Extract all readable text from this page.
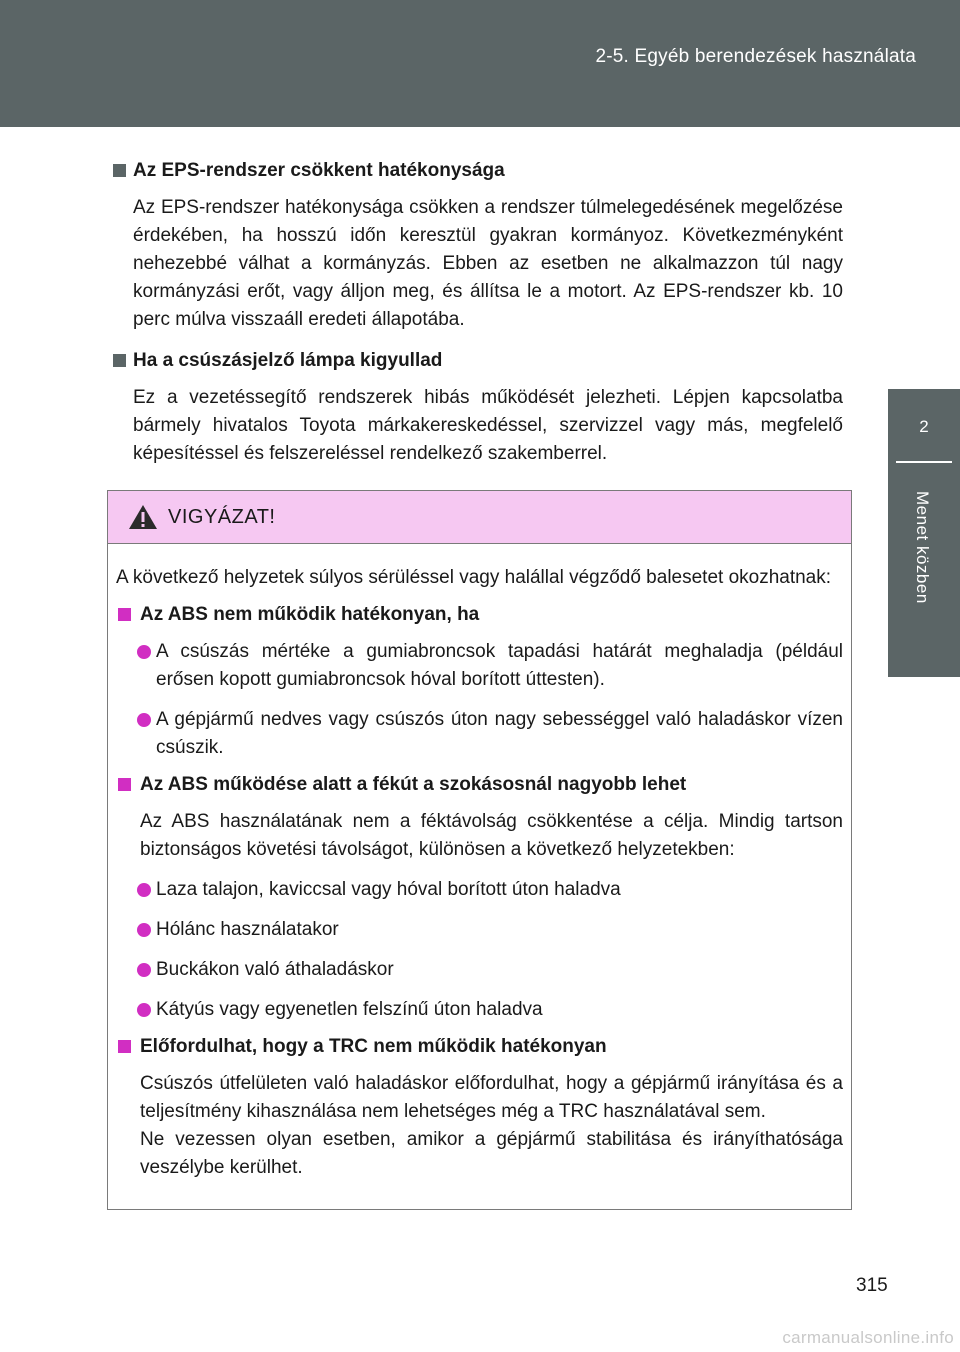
2-5. Egyéb berendezések használata
2
Menet közben
Az EPS-rendszer csökkent hatékonysága

Az EPS-rendszer hatékonysága csökken a rendszer túlmelegedésének megelőzése érdekében, ha hosszú időn keresztül gyakran kormányoz. Következményként nehezebbé válhat a kormányzás. Ebben az esetben ne alkalmazzon túl nagy kormányzási erőt, vagy álljon meg, és állítsa le a motort. Az EPS-rendszer kb. 10 perc múlva visszaáll eredeti állapotába.

Ha a csúszásjelző lámpa kigyullad

Ez a vezetéssegítő rendszerek hibás működését jelezheti. Lépjen kapcsolatba bármely hivatalos Toyota márkakereskedéssel, szervizzel vagy más, megfelelő képesítéssel és felszereléssel rendelkező szakemberrel.

VIGYÁZAT!

A következő helyzetek súlyos sérüléssel vagy halállal végződő balesetet okozhatnak:

Az ABS nem működik hatékonyan, ha
A csúszás mértéke a gumiabroncsok tapadási határát meghaladja (például erősen kopott gumiabroncsok hóval borított úttesten).
A gépjármű nedves vagy csúszós úton nagy sebességgel való haladáskor vízen csúszik.
Az ABS működése alatt a fékút a szokásosnál nagyobb lehet

Az ABS használatának nem a féktávolság csökkentése a célja. Mindig tartson biztonságos követési távolságot, különösen a következő helyzetekben:

Laza talajon, kaviccsal vagy hóval borított úton haladva
Hólánc használatakor
Buckákon való áthaladáskor
Kátyús vagy egyenetlen felszínű úton haladva
Előfordulhat, hogy a TRC nem működik hatékonyan

Csúszós útfelületen való haladáskor előfordulhat, hogy a gépjármű irányítása és a teljesítmény kihasználása nem lehetséges még a TRC használatával sem.

Ne vezessen olyan esetben, amikor a gépjármű stabilitása és irányíthatósága veszélybe kerülhet.

315
carmanualsonline.info
